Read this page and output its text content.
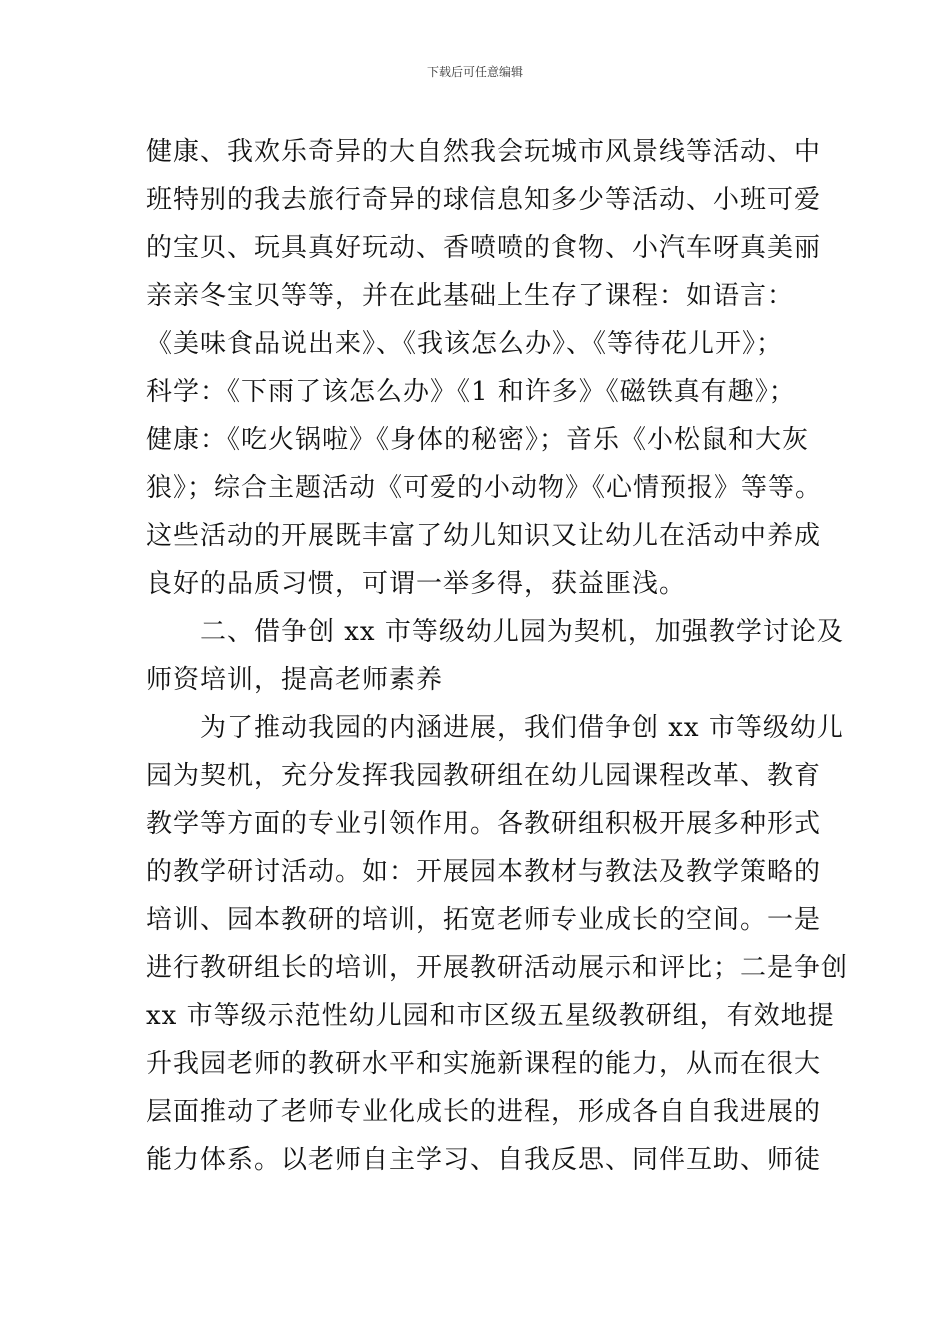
下载后可任意编辑
健康、我欢乐奇异的大自然我会玩城市风景线等活动、中
班特别的我去旅行奇异的球信息知多少等活动、小班可爱
的宝贝、玩具真好玩动、香喷喷的食物、小汽车呀真美丽
亲亲冬宝贝等等，并在此基础上生存了课程：如语言：
《美味食品说出来》、《我该怎么办》、《等待花儿开》；
科学：《下雨了该怎么办》《1 和许多》《磁铁真有趣》；
健康：《吃火锅啦》《身体的秘密》；音乐《小松鼠和大灰
狼》；综合主题活动《可爱的小动物》《心情预报》等等。
这些活动的开展既丰富了幼儿知识又让幼儿在活动中养成
良好的品质习惯，可谓一举多得，获益匪浅。
　　二、借争创 xx 市等级幼儿园为契机，加强教学讨论及
师资培训，提高老师素养
　　为了推动我园的内涵进展，我们借争创 xx 市等级幼儿
园为契机，充分发挥我园教研组在幼儿园课程改革、教育
教学等方面的专业引领作用。各教研组积极开展多种形式
的教学研讨活动。如：开展园本教材与教法及教学策略的
培训、园本教研的培训，拓宽老师专业成长的空间。一是
进行教研组长的培训，开展教研活动展示和评比；二是争创
xx 市等级示范性幼儿园和市区级五星级教研组，有效地提
升我园老师的教研水平和实施新课程的能力，从而在很大
层面推动了老师专业化成长的进程，形成各自自我进展的
能力体系。以老师自主学习、自我反思、同伴互助、师徒
